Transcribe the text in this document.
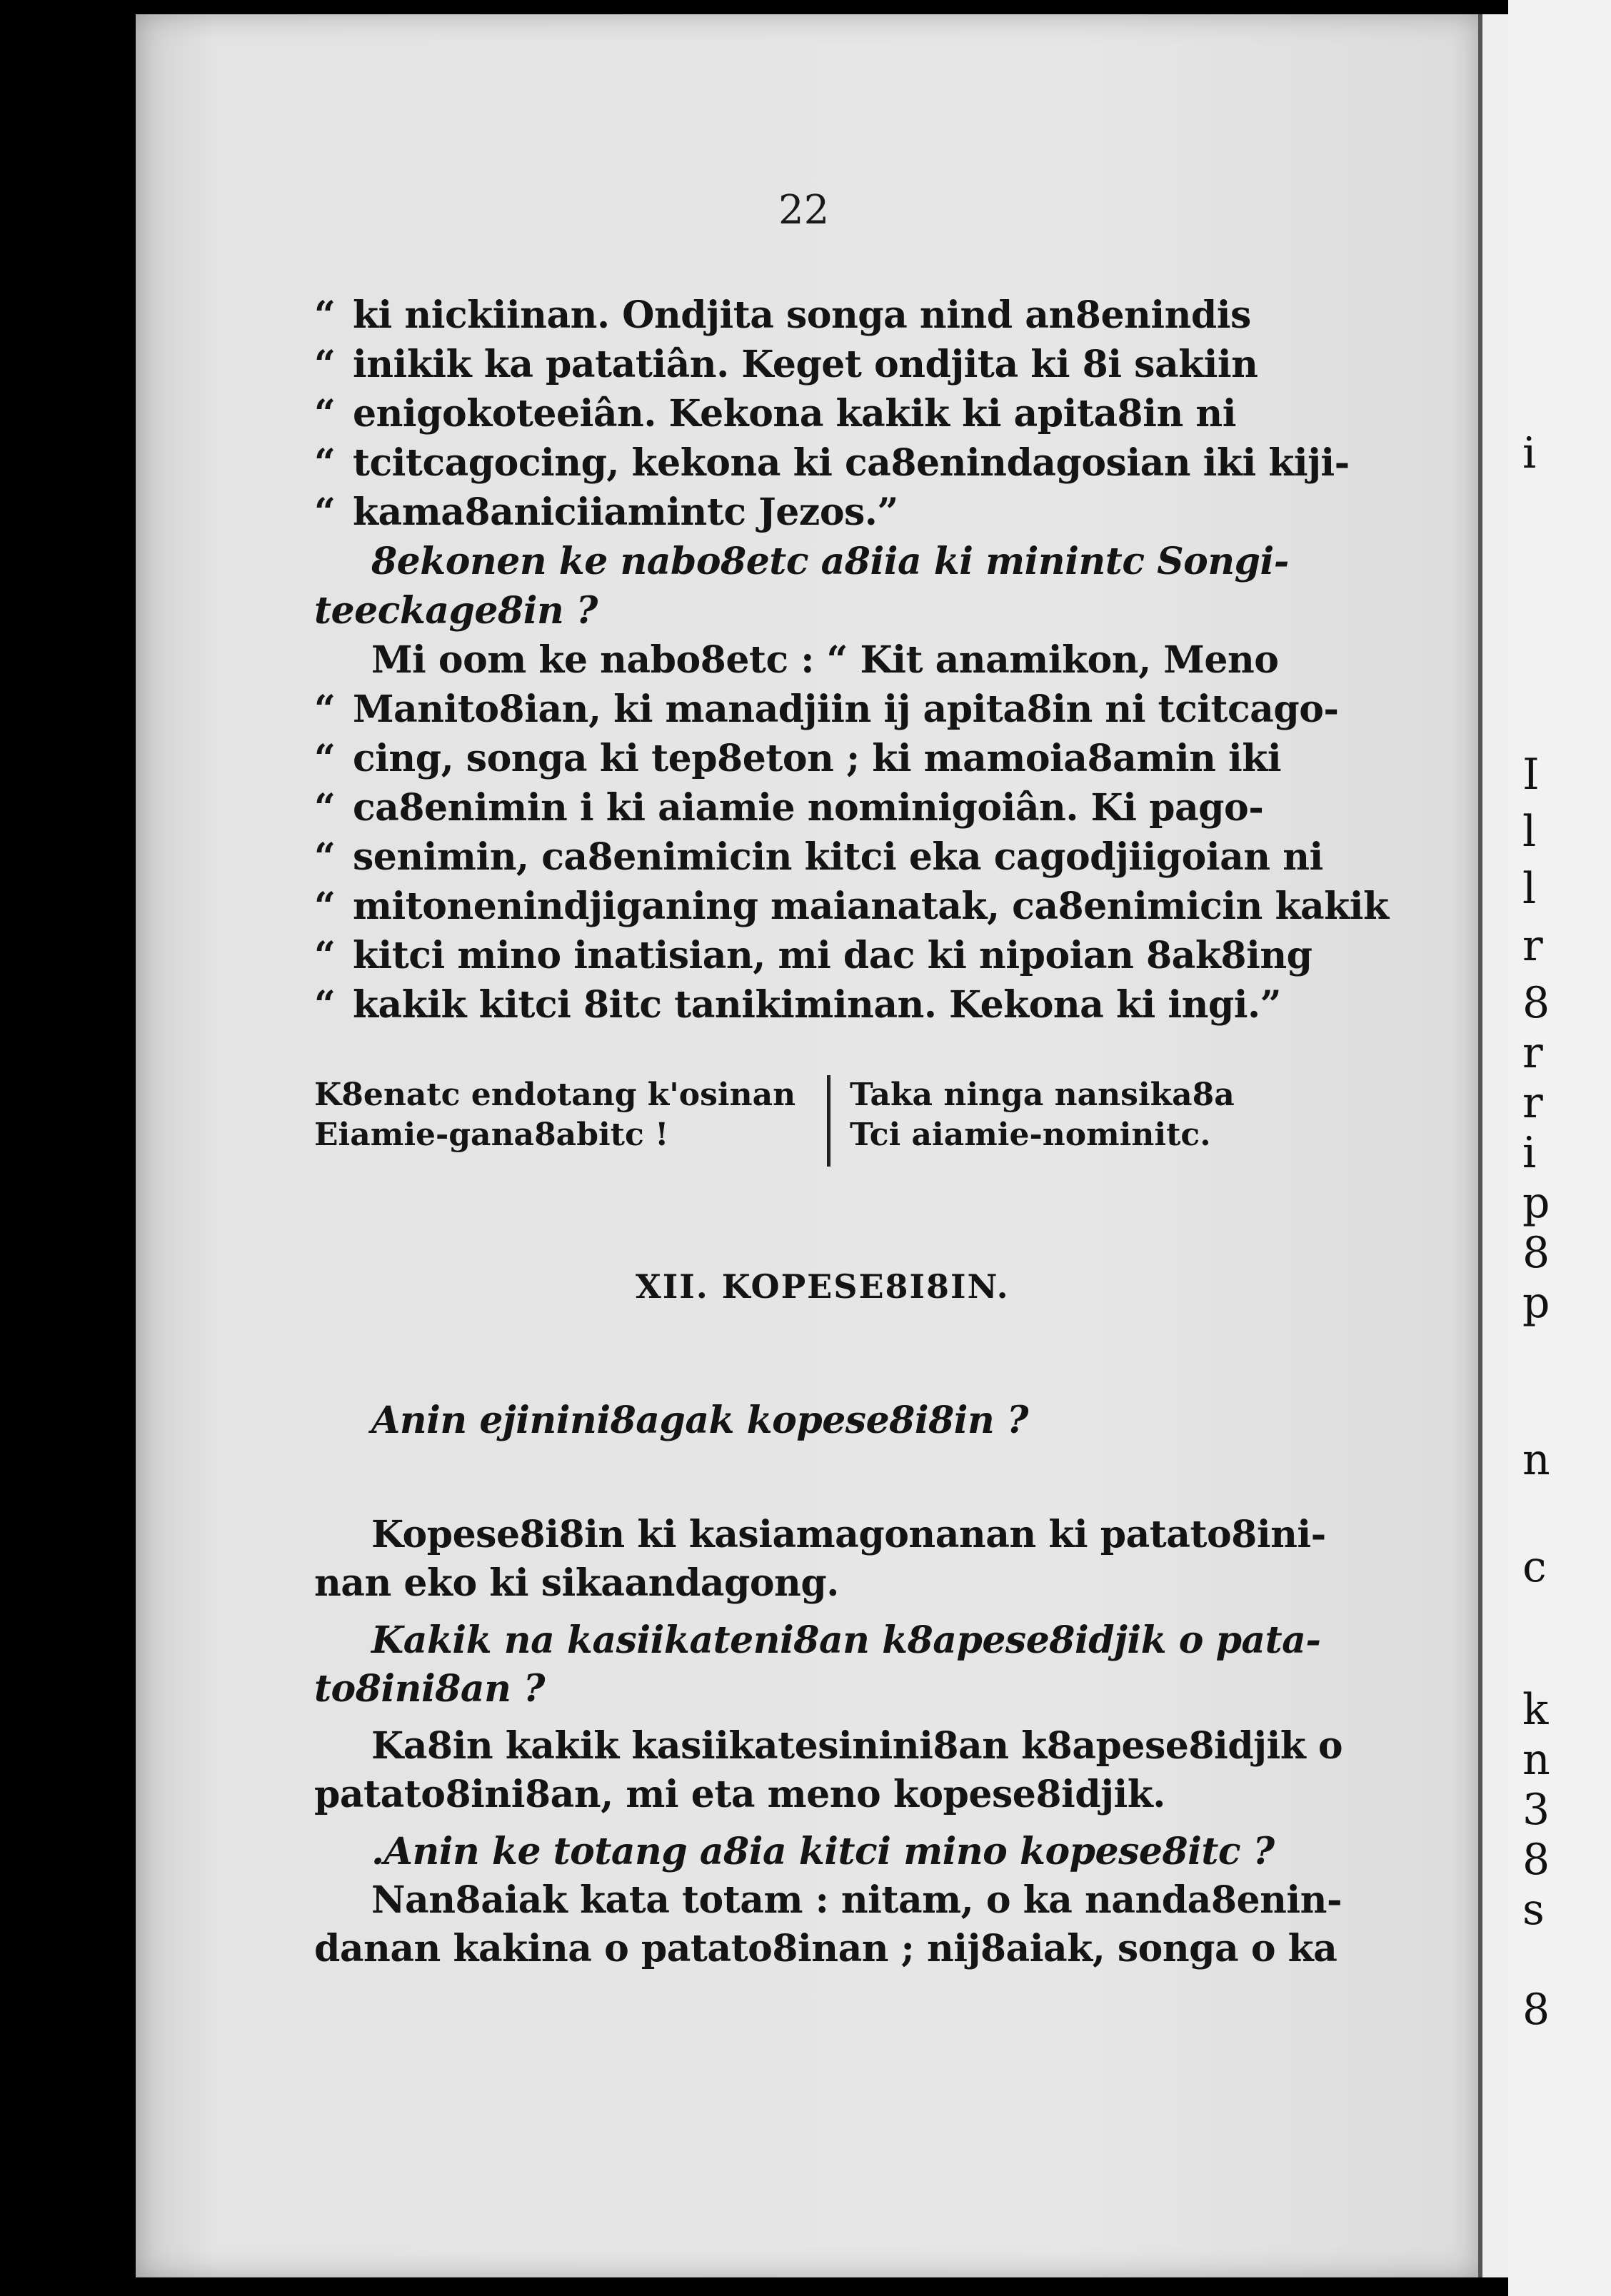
i
I
l
l
r
8
r
r
i
p
8
p
n
c
k
n
3
8
s
8
22
“ ki nickiinan. Ondjita songa nind an8enindis
“ inikik ka patatiân. Keget ondjita ki 8i sakiin
“ enigokoteeiân. Kekona kakik ki apita8in ni
“ tcitcagocing, kekona ki ca8enindagosian iki kiji-
“ kama8aniciiamintc Jezos.”
8ekonen ke nabo8etc a8iia ki minintc Songi-
teeckage8in ?
Mi oom ke nabo8etc : “ Kit anamikon, Meno
“ Manito8ian, ki manadjiin ij apita8in ni tcitcago-
“ cing, songa ki tep8eton ; ki mamoia8amin iki
“ ca8enimin i ki aiamie nominigoiân. Ki pago-
“ senimin, ca8enimicin kitci eka cagodjiigoian ni
“ mitonenindjiganing maianatak, ca8enimicin kakik
“ kitci mino inatisian, mi dac ki nipoian 8ak8ing
“ kakik kitci 8itc tanikiminan. Kekona ki ingi.”
K8enatc endotang k'osinan
Eiamie-gana8abitc !
Taka ninga nansika8a
Tci aiamie-nominitc.
XII. KOPESE8I8IN.
Anin ejinini8agak kopese8i8in ?
Kopese8i8in ki kasiamagonanan ki patato8ini-
nan eko ki sikaandagong.
Kakik na kasiikateni8an k8apese8idjik o pata-
to8ini8an ?
Ka8in kakik kasiikatesinini8an k8apese8idjik o
patato8ini8an, mi eta meno kopese8idjik.
.Anin ke totang a8ia kitci mino kopese8itc ?
Nan8aiak kata totam : nitam, o ka nanda8enin-
danan kakina o patato8inan ; nij8aiak, songa o ka
